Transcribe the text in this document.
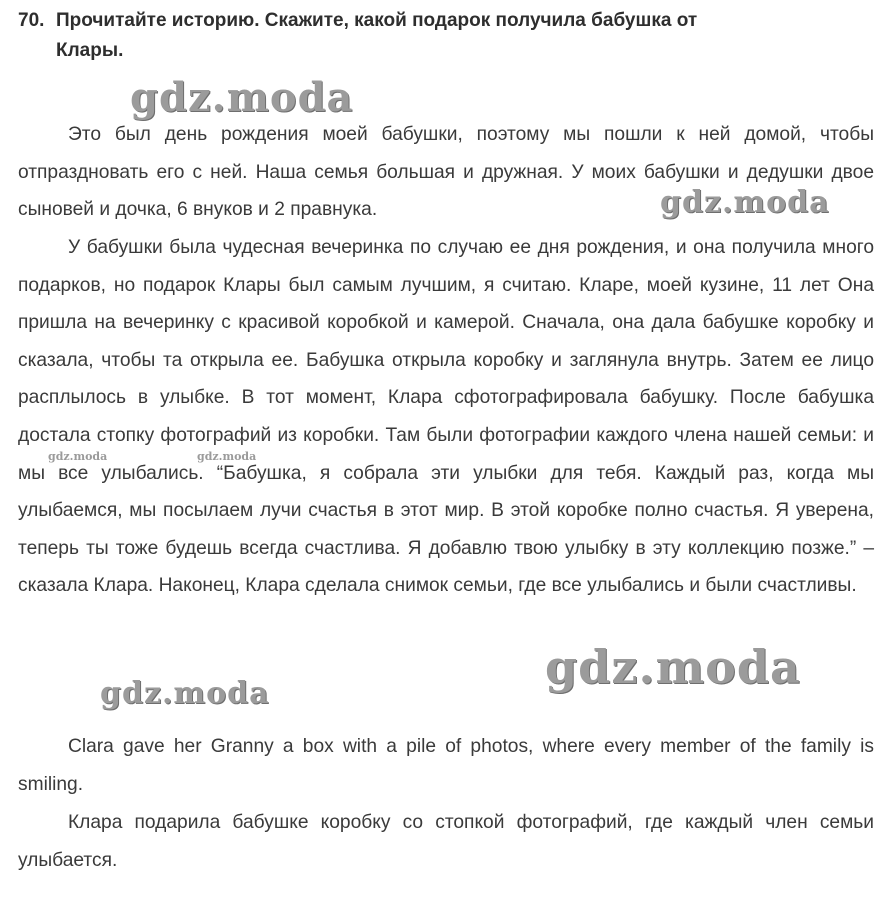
70. Прочитайте историю. Скажите, какой подарок получила бабушка от
Клары.

Это был день рождения моей бабушки, поэтому мы пошли к ней домой, чтобы отпраздновать его с ней. Наша семья большая и дружная. У моих бабушки и дедушки двое сыновей и дочка, 6 внуков и 2 правнука.

У бабушки была чудесная вечеринка по случаю ее дня рождения, и она получила много подарков, но подарок Клары был самым лучшим, я считаю. Кларе, моей кузине, 11 лет Она пришла на вечеринку с красивой коробкой и камерой. Сначала, она дала бабушке коробку и сказала, чтобы та открыла ее. Бабушка открыла коробку и заглянула внутрь. Затем ее лицо расплылось в улыбке. В тот момент, Клара сфотографировала бабушку. После бабушка достала стопку фотографий из коробки. Там были фотографии каждого члена нашей семьи: и мы все улыбались. “Бабушка, я собрала эти улыбки для тебя. Каждый раз, когда мы улыбаемся, мы посылаем лучи счастья в этот мир. В этой коробке полно счастья. Я уверена, теперь ты тоже будешь всегда счастлива. Я добавлю твою улыбку в эту коллекцию позже.” – сказала Клара. Наконец, Клара сделала снимок семьи, где все улыбались и были счастливы.

Clara gave her Granny a box with a pile of photos, where every member of the family is smiling.

Клара подарила бабушке коробку со стопкой фотографий, где каждый член семьи улыбается.

gdz.moda
gdz.moda
gdz.moda
gdz.moda
gdz.moda	gdz.moda
